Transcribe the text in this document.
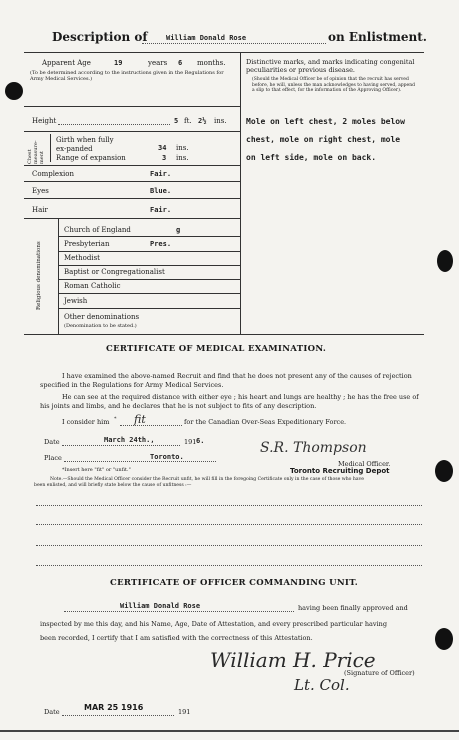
Description of	William Donald Rose	on Enlistment.
Apparent Age	19	years 6 months.
(To be determined according to the instructions given in the Regulations for Army Medical Services.)
Distinctive marks, and marks indicating congenital
peculiarities or previous disease.
(Should the Medical Officer be of opinion that the recruit has served before, he will, unless the man acknowledges to having served, append a slip to that effect, for the information of the Approving Officer).
Mole on left chest, 2 moles below
chest, mole on right chest, mole
on left side, mole on back.
Height	5 ft. 2½ ins.
Chest measure-ment
Girth when fully ex-panded	34 ins.
Range of expansion	3 ins.
Complexion	Fair.
Eyes	Blue.
Hair	Fair.
Religious denominations
Church of England	g
Presbyterian	Pres.
Methodist
Baptist or Congregationalist
Roman Catholic
Jewish
Other denominations
(Denomination to be stated.)
CERTIFICATE OF MEDICAL EXAMINATION.
I have examined the above-named Recruit and find that he does not present any of the causes of rejection specified in the Regulations for Army Medical Services.
He can see at the required distance with either eye ; his heart and lungs are healthy ; he has the free use of his joints and limbs, and he declares that he is not subject to fits of any description.
I consider him * fit	for the Canadian Over-Seas Expeditionary Force.
Date	March 24th.,	191 6.
Place	Toronto.
S.R. Thompson
Medical Officer.
Toronto Recruiting Depot
*Insert here "fit" or "unfit."
Note.—Should the Medical Officer consider the Recruit unfit, he will fill in the foregoing Certificate only in the case of those who have
been enlisted, and will briefly state below the cause of unfitness :—
CERTIFICATE OF OFFICER COMMANDING UNIT.
William Donald Rose	having been finally approved and
inspected by me this day, and his Name, Age, Date of Attestation, and every prescribed particular having
been recorded, I certify that I am satisfied with the correctness of this Attestation.
William H. Price
(Signature of Officer)
Lt. Col.
Date	MAR 25 1916	191
